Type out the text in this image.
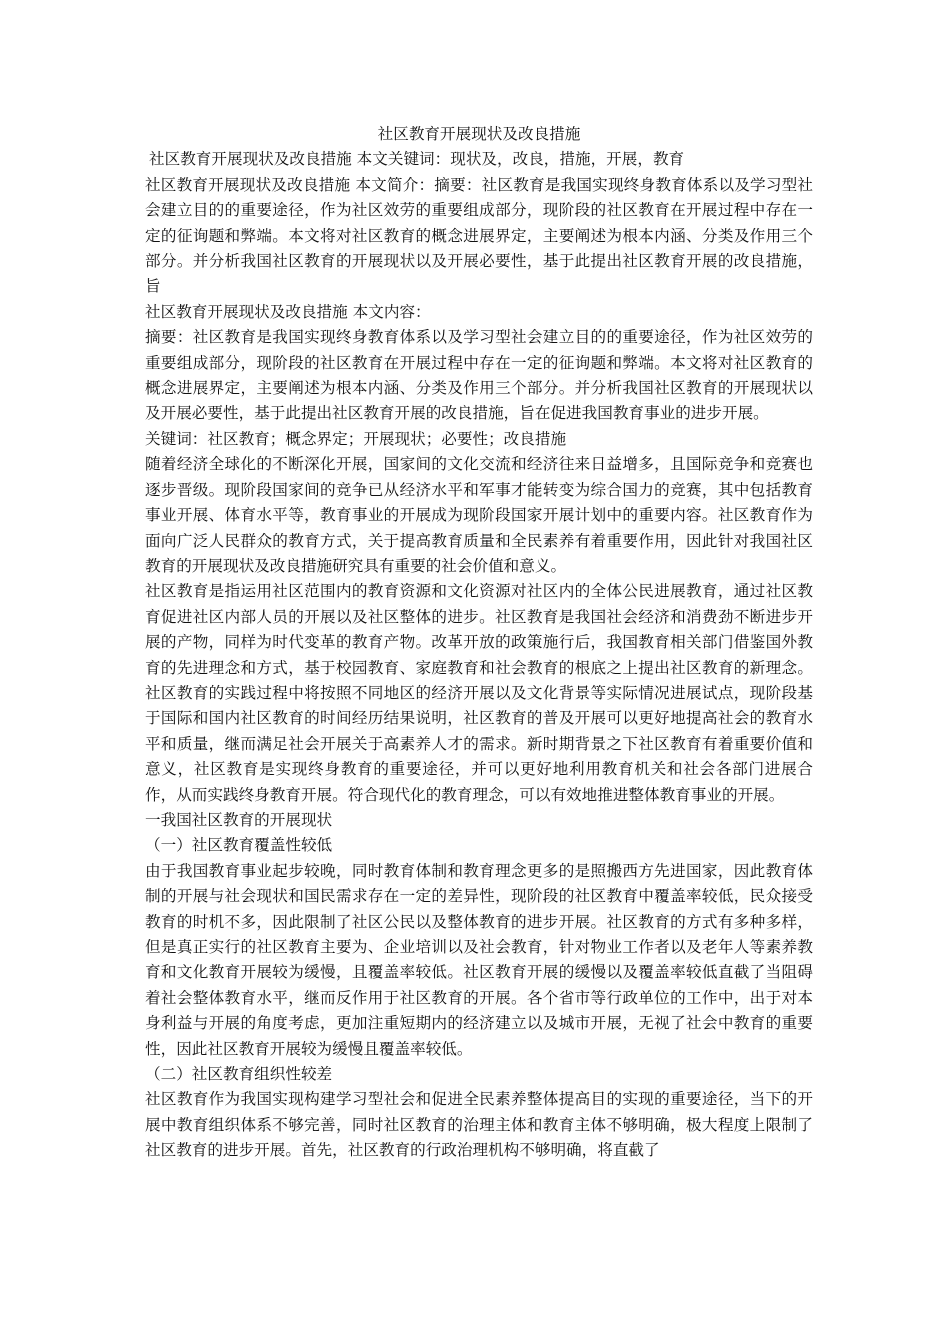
社区教育开展现状及改良措施

社区教育开展现状及改良措施 本文关键词：现状及，改良，措施，开展，教育

社区教育开展现状及改良措施 本文简介：摘要：社区教育是我国实现终身教育体系以及学习型社会建立目的的重要途径，作为社区效劳的重要组成部分，现阶段的社区教育在开展过程中存在一定的征询题和弊端。本文将对社区教育的概念进展界定，主要阐述为根本内涵、分类及作用三个部分。并分析我国社区教育的开展现状以及开展必要性，基于此提出社区教育开展的改良措施，旨

社区教育开展现状及改良措施 本文内容：

摘要：社区教育是我国实现终身教育体系以及学习型社会建立目的的重要途径，作为社区效劳的重要组成部分，现阶段的社区教育在开展过程中存在一定的征询题和弊端。本文将对社区教育的概念进展界定，主要阐述为根本内涵、分类及作用三个部分。并分析我国社区教育的开展现状以及开展必要性，基于此提出社区教育开展的改良措施，旨在促进我国教育事业的进步开展。

关键词：社区教育；概念界定；开展现状；必要性；改良措施

随着经济全球化的不断深化开展，国家间的文化交流和经济往来日益增多，且国际竞争和竞赛也逐步晋级。现阶段国家间的竞争已从经济水平和军事才能转变为综合国力的竞赛，其中包括教育事业开展、体育水平等，教育事业的开展成为现阶段国家开展计划中的重要内容。社区教育作为面向广泛人民群众的教育方式，关于提高教育质量和全民素养有着重要作用，因此针对我国社区教育的开展现状及改良措施研究具有重要的社会价值和意义。

社区教育是指运用社区范围内的教育资源和文化资源对社区内的全体公民进展教育，通过社区教育促进社区内部人员的开展以及社区整体的进步。社区教育是我国社会经济和消费劲不断进步开展的产物，同样为时代变革的教育产物。改革开放的政策施行后，我国教育相关部门借鉴国外教育的先进理念和方式，基于校园教育、家庭教育和社会教育的根底之上提出社区教育的新理念。社区教育的实践过程中将按照不同地区的经济开展以及文化背景等实际情况进展试点，现阶段基于国际和国内社区教育的时间经历结果说明，社区教育的普及开展可以更好地提高社会的教育水平和质量，继而满足社会开展关于高素养人才的需求。新时期背景之下社区教育有着重要价值和意义，社区教育是实现终身教育的重要途径，并可以更好地利用教育机关和社会各部门进展合作，从而实践终身教育开展。符合现代化的教育理念，可以有效地推进整体教育事业的开展。

一我国社区教育的开展现状

（一）社区教育覆盖性较低

由于我国教育事业起步较晚，同时教育体制和教育理念更多的是照搬西方先进国家，因此教育体制的开展与社会现状和国民需求存在一定的差异性，现阶段的社区教育中覆盖率较低，民众接受教育的时机不多，因此限制了社区公民以及整体教育的进步开展。社区教育的方式有多种多样，但是真正实行的社区教育主要为、企业培训以及社会教育，针对物业工作者以及老年人等素养教育和文化教育开展较为缓慢，且覆盖率较低。社区教育开展的缓慢以及覆盖率较低直截了当阻碍着社会整体教育水平，继而反作用于社区教育的开展。各个省市等行政单位的工作中，出于对本身利益与开展的角度考虑，更加注重短期内的经济建立以及城市开展，无视了社会中教育的重要性，因此社区教育开展较为缓慢且覆盖率较低。

（二）社区教育组织性较差

社区教育作为我国实现构建学习型社会和促进全民素养整体提高目的实现的重要途径，当下的开展中教育组织体系不够完善，同时社区教育的治理主体和教育主体不够明确，极大程度上限制了社区教育的进步开展。首先，社区教育的行政治理机构不够明确，将直截了
